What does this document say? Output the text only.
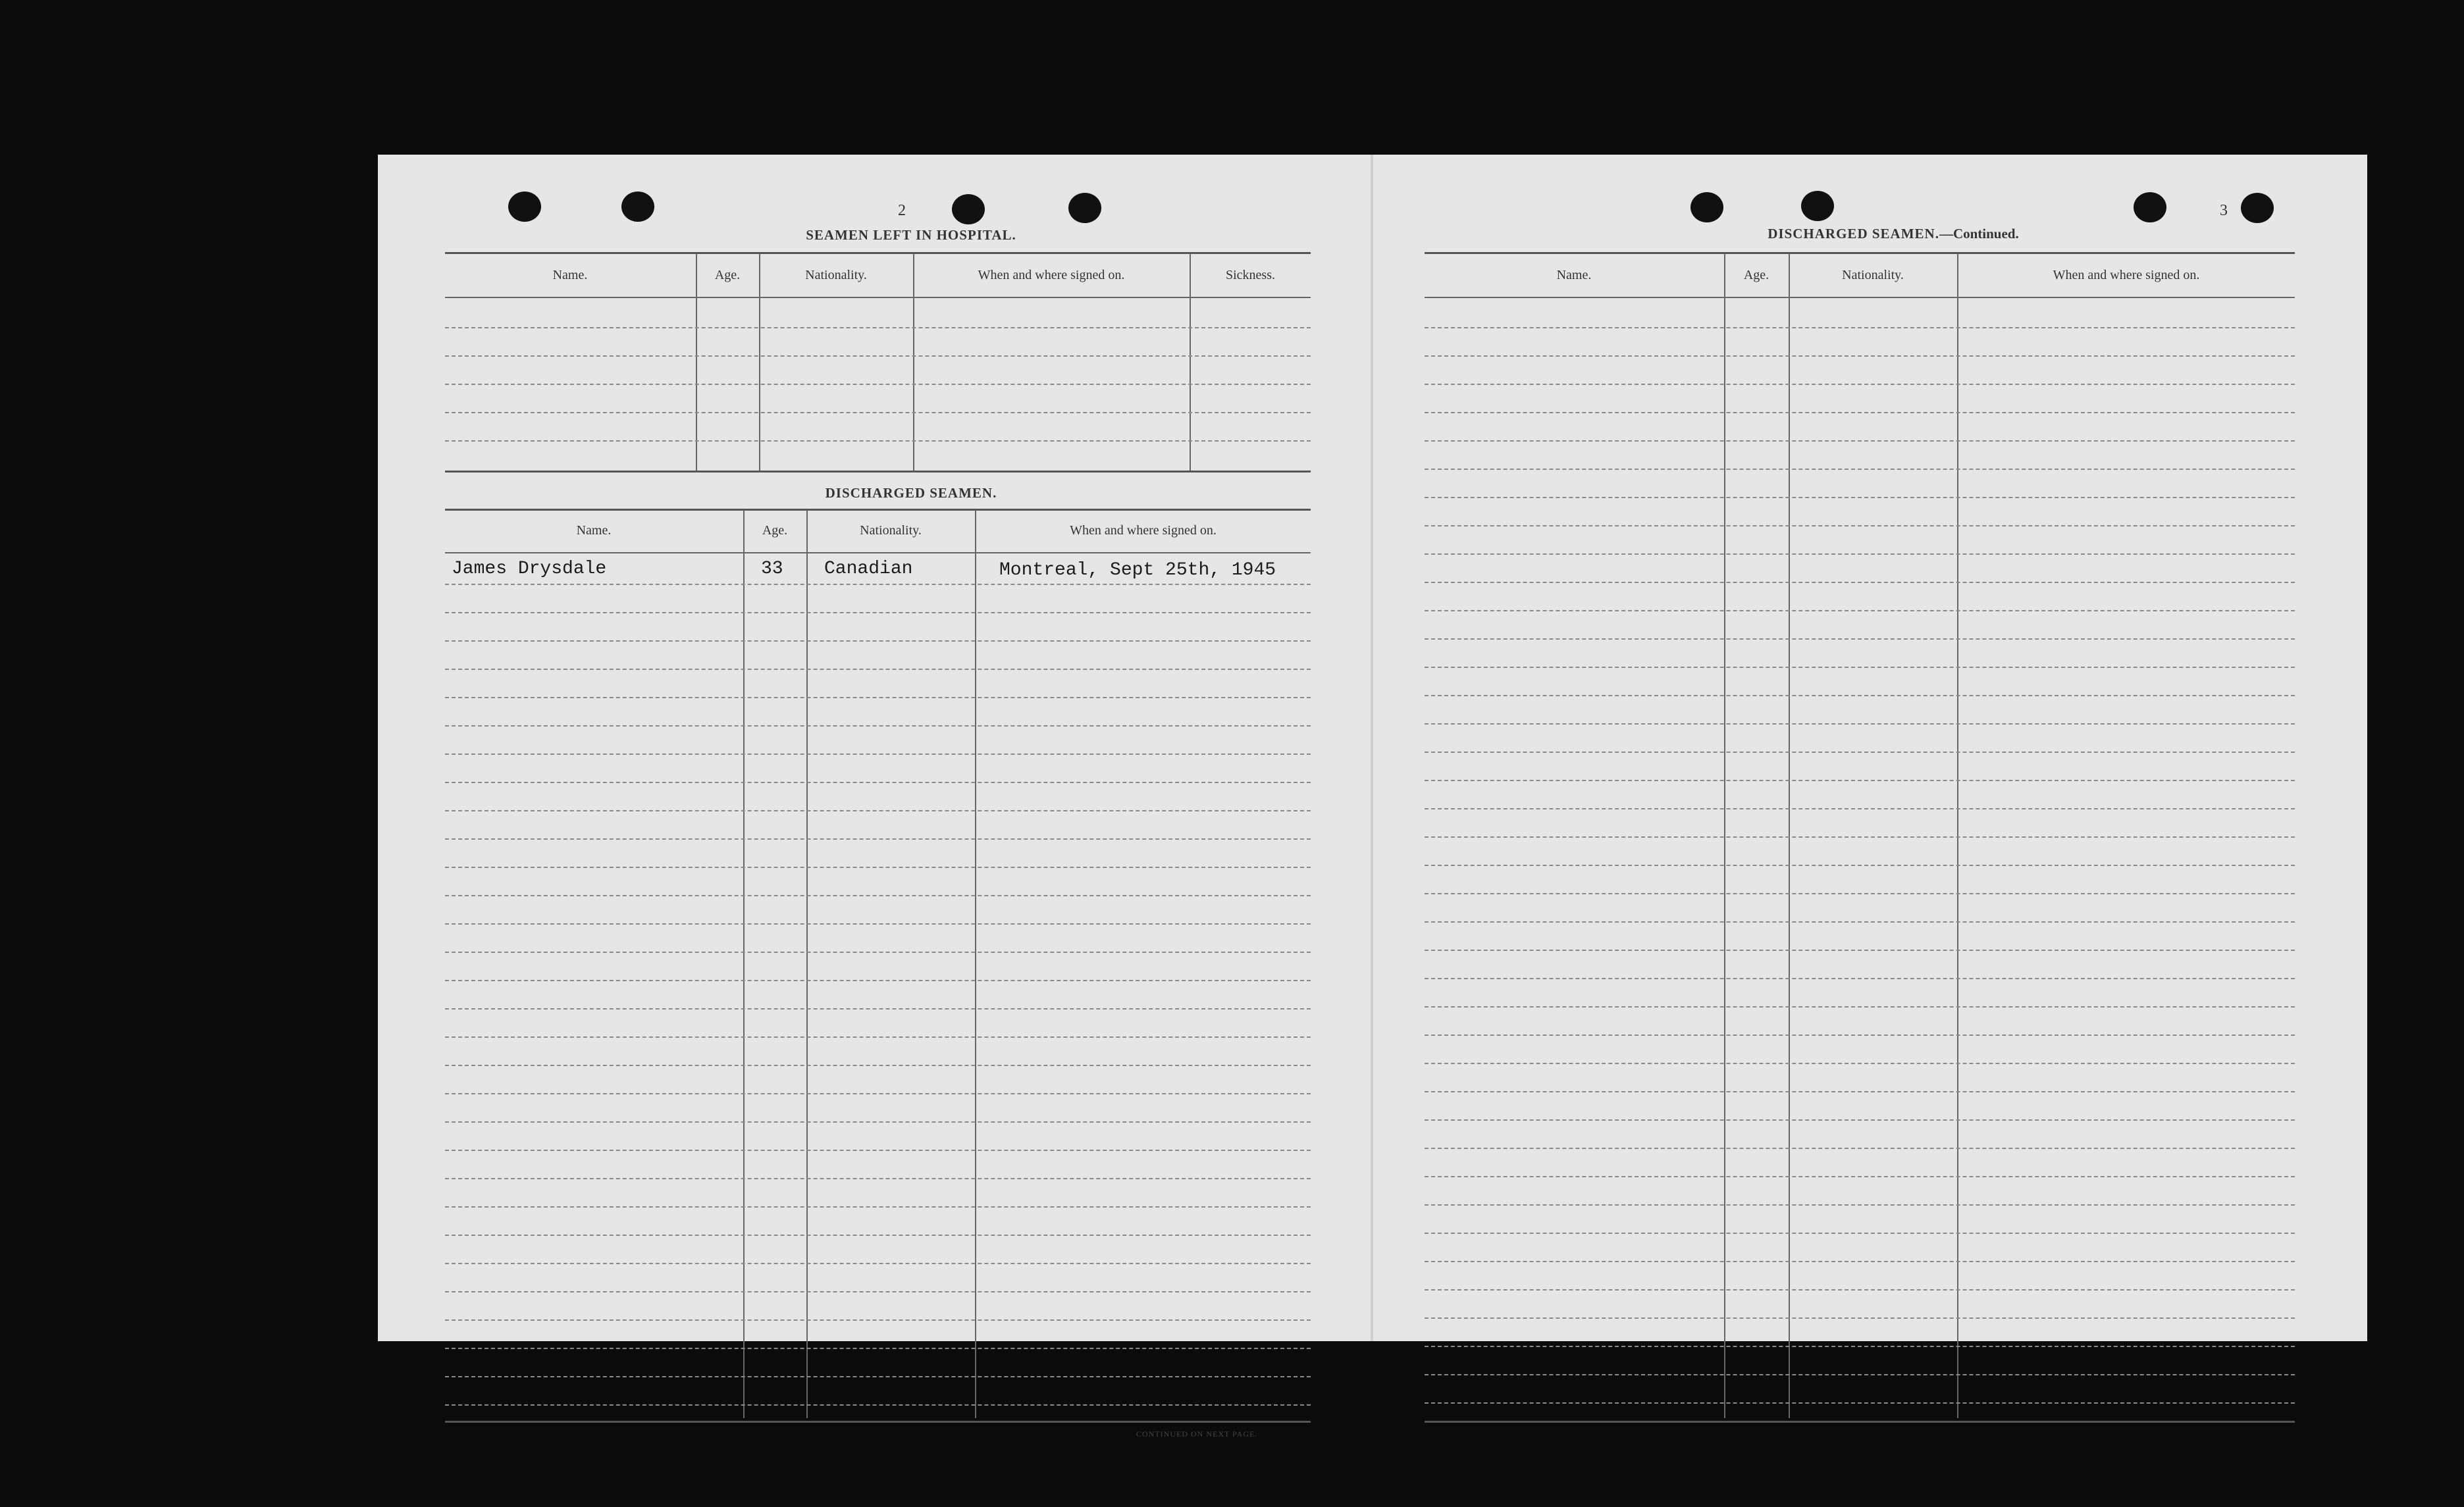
2
SEAMEN LEFT IN HOSPITAL.
Name.	Age.	Nationality.	When and where signed on.	Sickness.
DISCHARGED SEAMEN.
Name.	Age.	Nationality.	When and where signed on.
James Drysdale	33 Canadian	Montreal, Sept 25th, 1945
CONTINUED ON NEXT PAGE.
3
DISCHARGED SEAMEN.—Continued.
Name.	Age.	Nationality.	When and where signed on.
